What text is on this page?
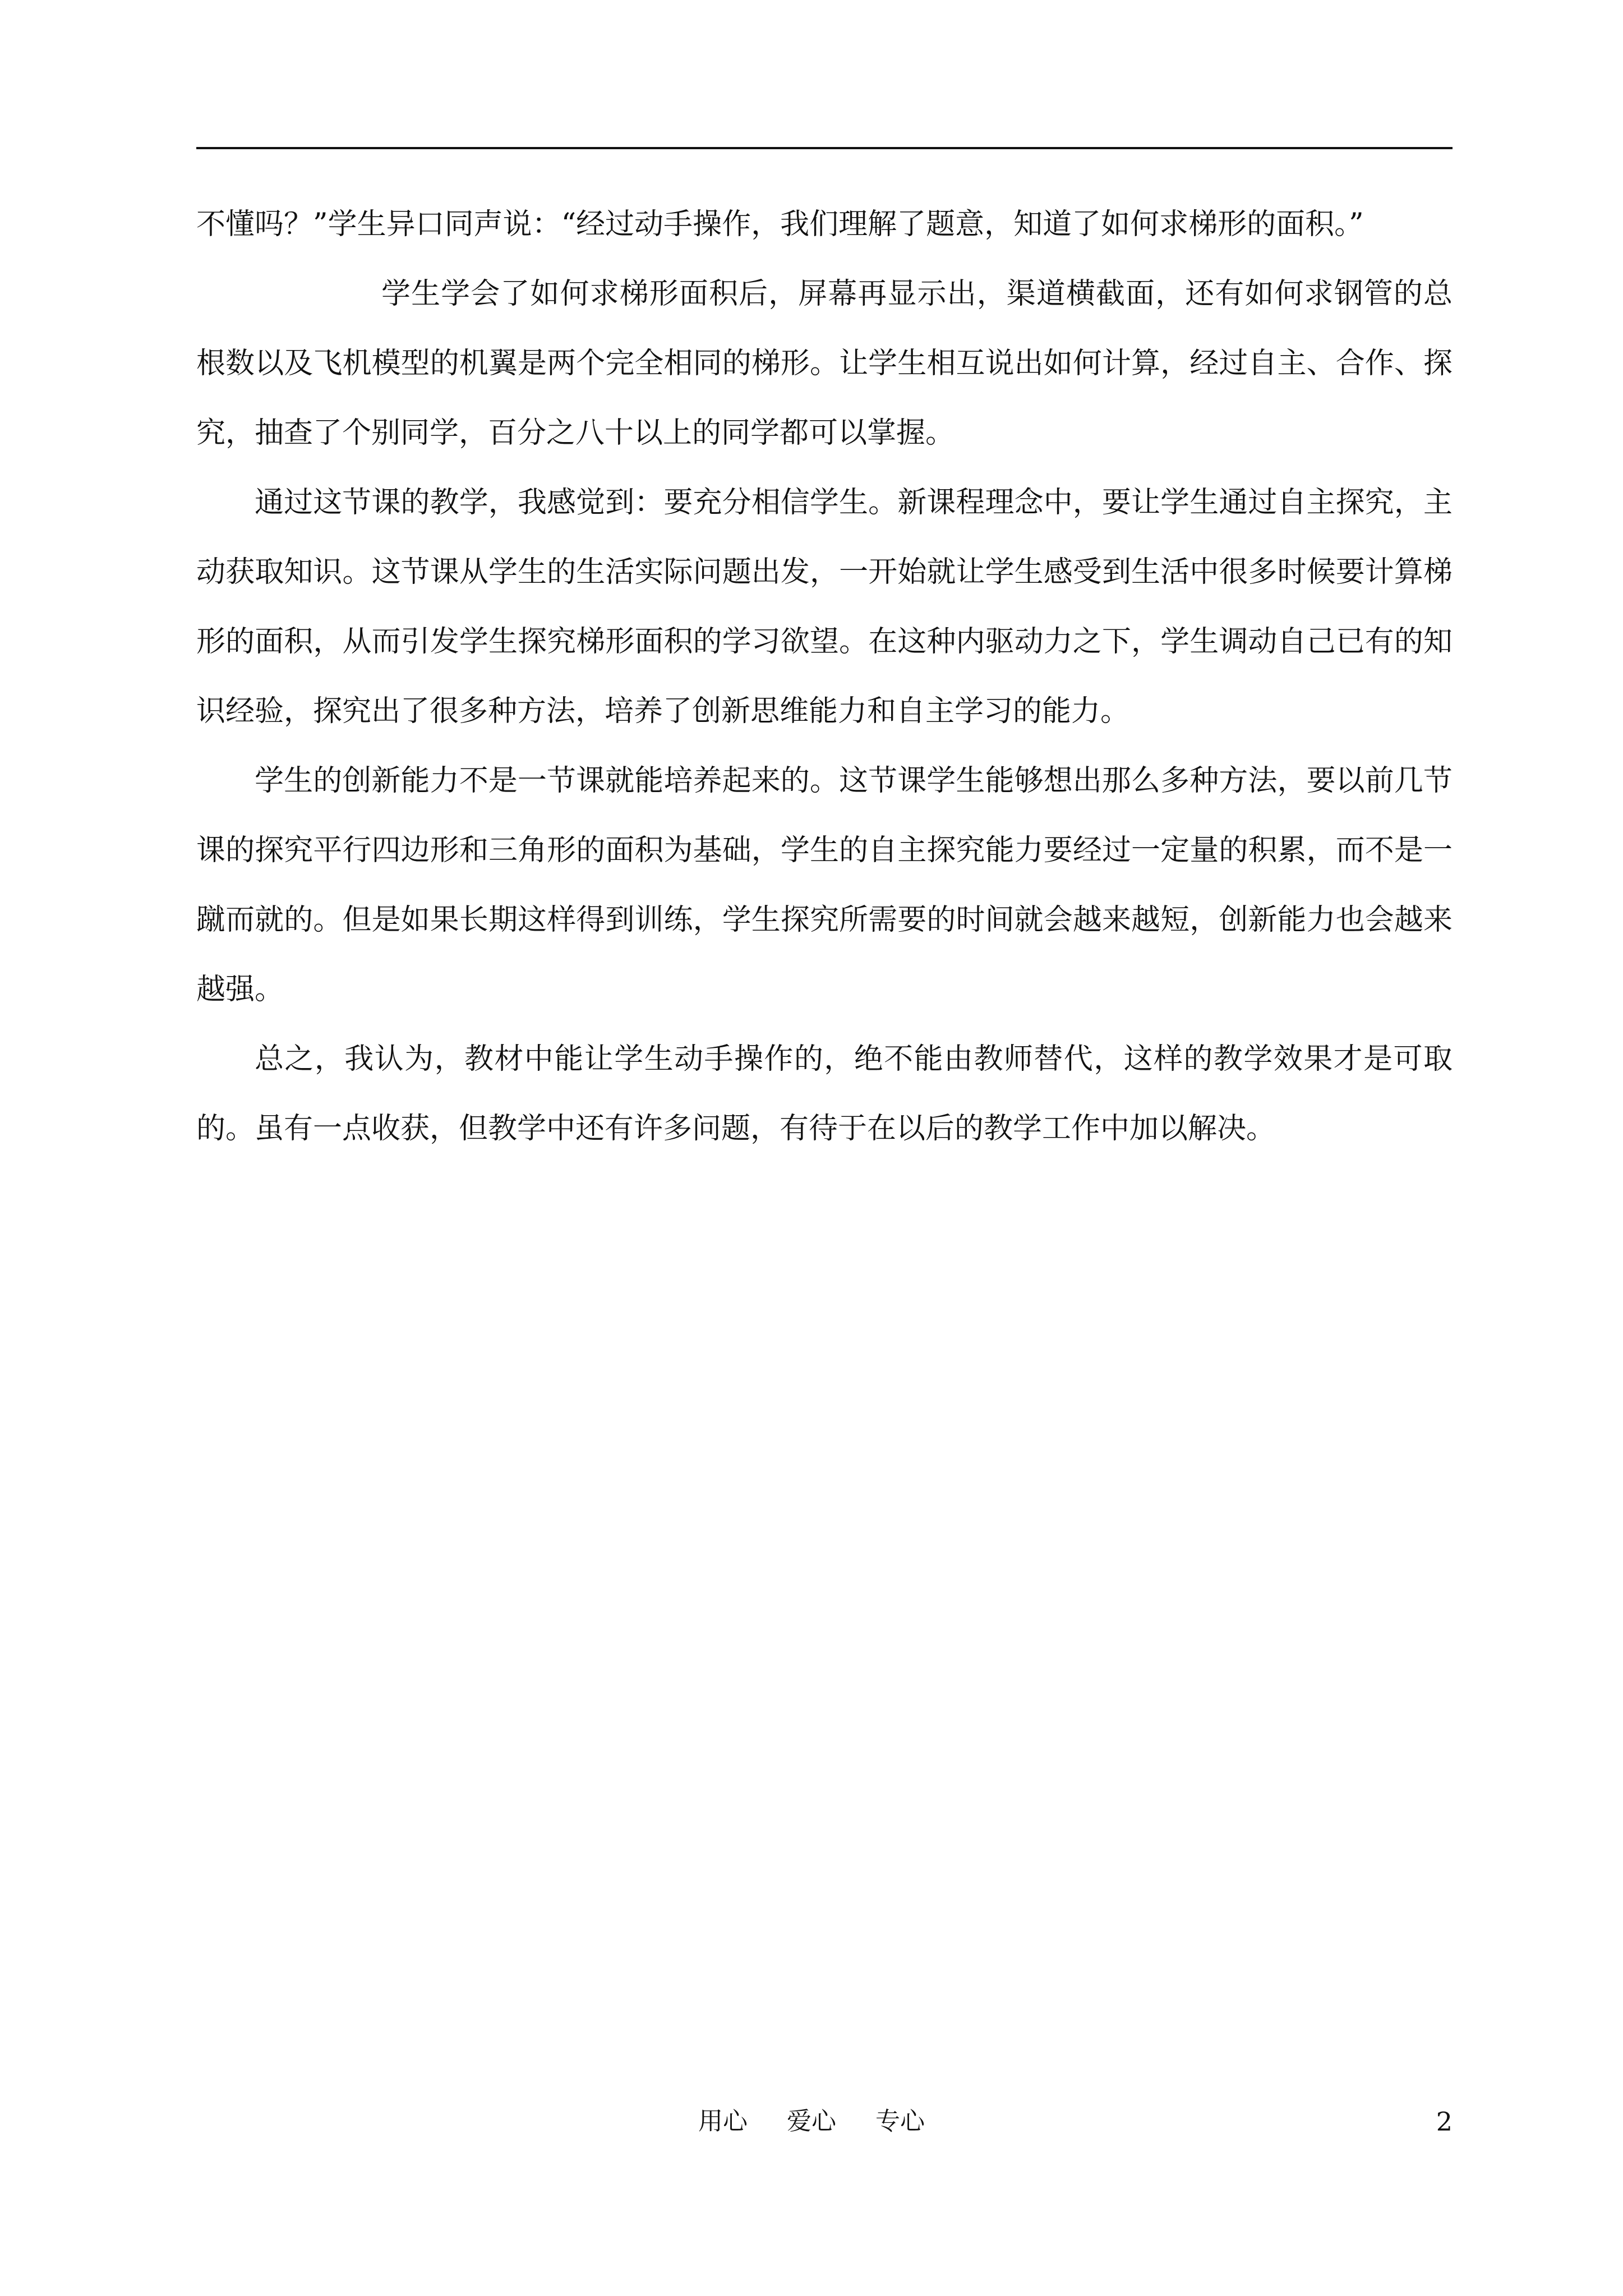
不懂吗？”学生异口同声说：“经过动手操作，我们理解了题意，知道了如何求梯形的面积。”

学生学会了如何求梯形面积后，屏幕再显示出，渠道横截面，还有如何求钢管的总根数以及飞机模型的机翼是两个完全相同的梯形。让学生相互说出如何计算，经过自主、合作、探究，抽查了个别同学，百分之八十以上的同学都可以掌握。

通过这节课的教学，我感觉到：要充分相信学生。新课程理念中，要让学生通过自主探究，主动获取知识。这节课从学生的生活实际问题出发，一开始就让学生感受到生活中很多时候要计算梯形的面积，从而引发学生探究梯形面积的学习欲望。在这种内驱动力之下，学生调动自己已有的知识经验，探究出了很多种方法，培养了创新思维能力和自主学习的能力。

学生的创新能力不是一节课就能培养起来的。这节课学生能够想出那么多种方法，要以前几节课的探究平行四边形和三角形的面积为基础，学生的自主探究能力要经过一定量的积累，而不是一蹴而就的。但是如果长期这样得到训练，学生探究所需要的时间就会越来越短，创新能力也会越来越强。

总之，我认为，教材中能让学生动手操作的，绝不能由教师替代，这样的教学效果才是可取的。虽有一点收获，但教学中还有许多问题，有待于在以后的教学工作中加以解决。

用心 爱心 专心	2
